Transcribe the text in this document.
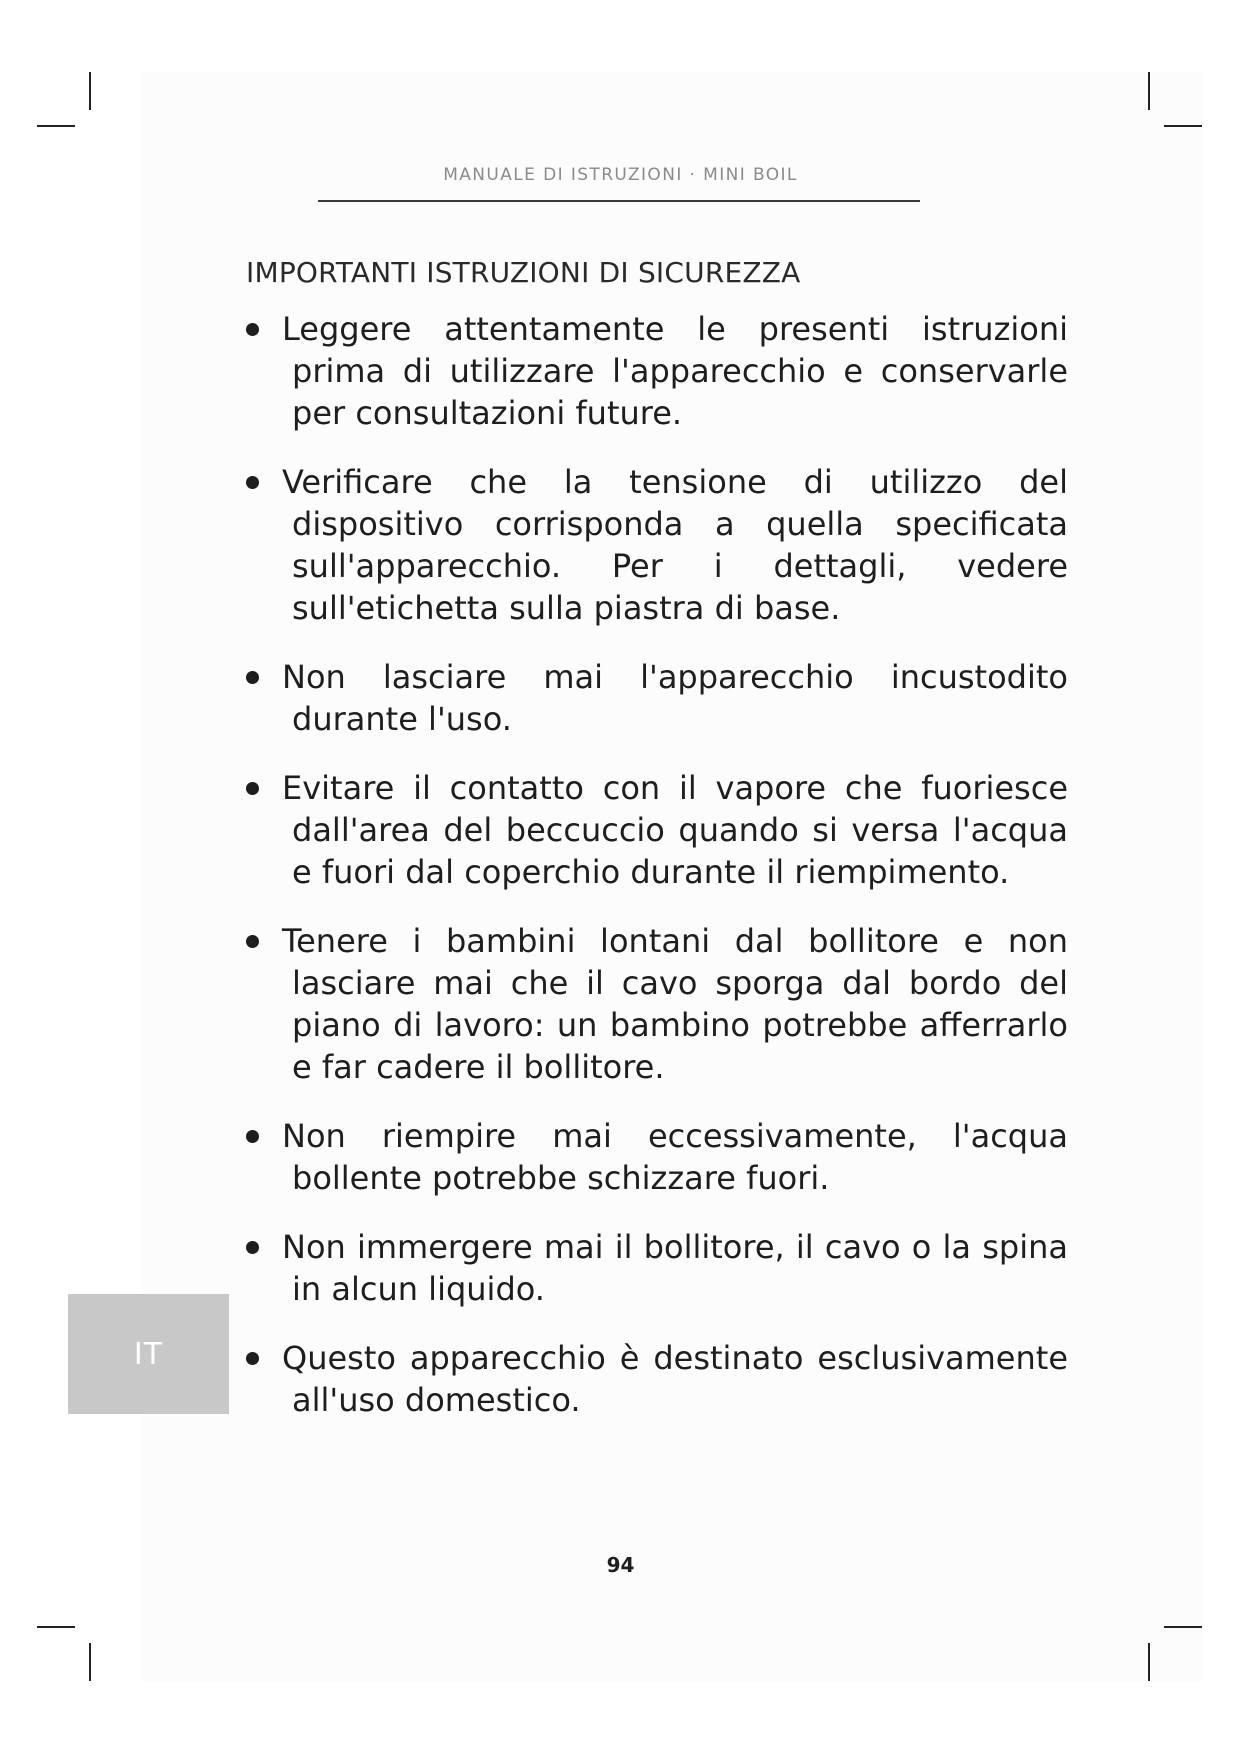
MANUALE DI ISTRUZIONI · MINI BOIL
IMPORTANTI ISTRUZIONI DI SICUREZZA
Leggere attentamente le presenti istruzioni prima di utilizzare l'apparecchio e conservarle per consultazioni future.
Verificare che la tensione di utilizzo del dispositivo corrisponda a quella specificata sull'apparecchio. Per i dettagli, vedere sull'etichetta sulla piastra di base.
Non lasciare mai l'apparecchio incustodito durante l'uso.
Evitare il contatto con il vapore che fuoriesce dall'area del beccuccio quando si versa l'acqua e fuori dal coperchio durante il riempimento.
Tenere i bambini lontani dal bollitore e non lasciare mai che il cavo sporga dal bordo del piano di lavoro: un bambino potrebbe afferrarlo e far cadere il bollitore.
Non riempire mai eccessivamente, l'acqua bollente potrebbe schizzare fuori.
Non immergere mai il bollitore, il cavo o la spina in alcun liquido.
Questo apparecchio è destinato esclusivamente all'uso domestico.
IT
94
